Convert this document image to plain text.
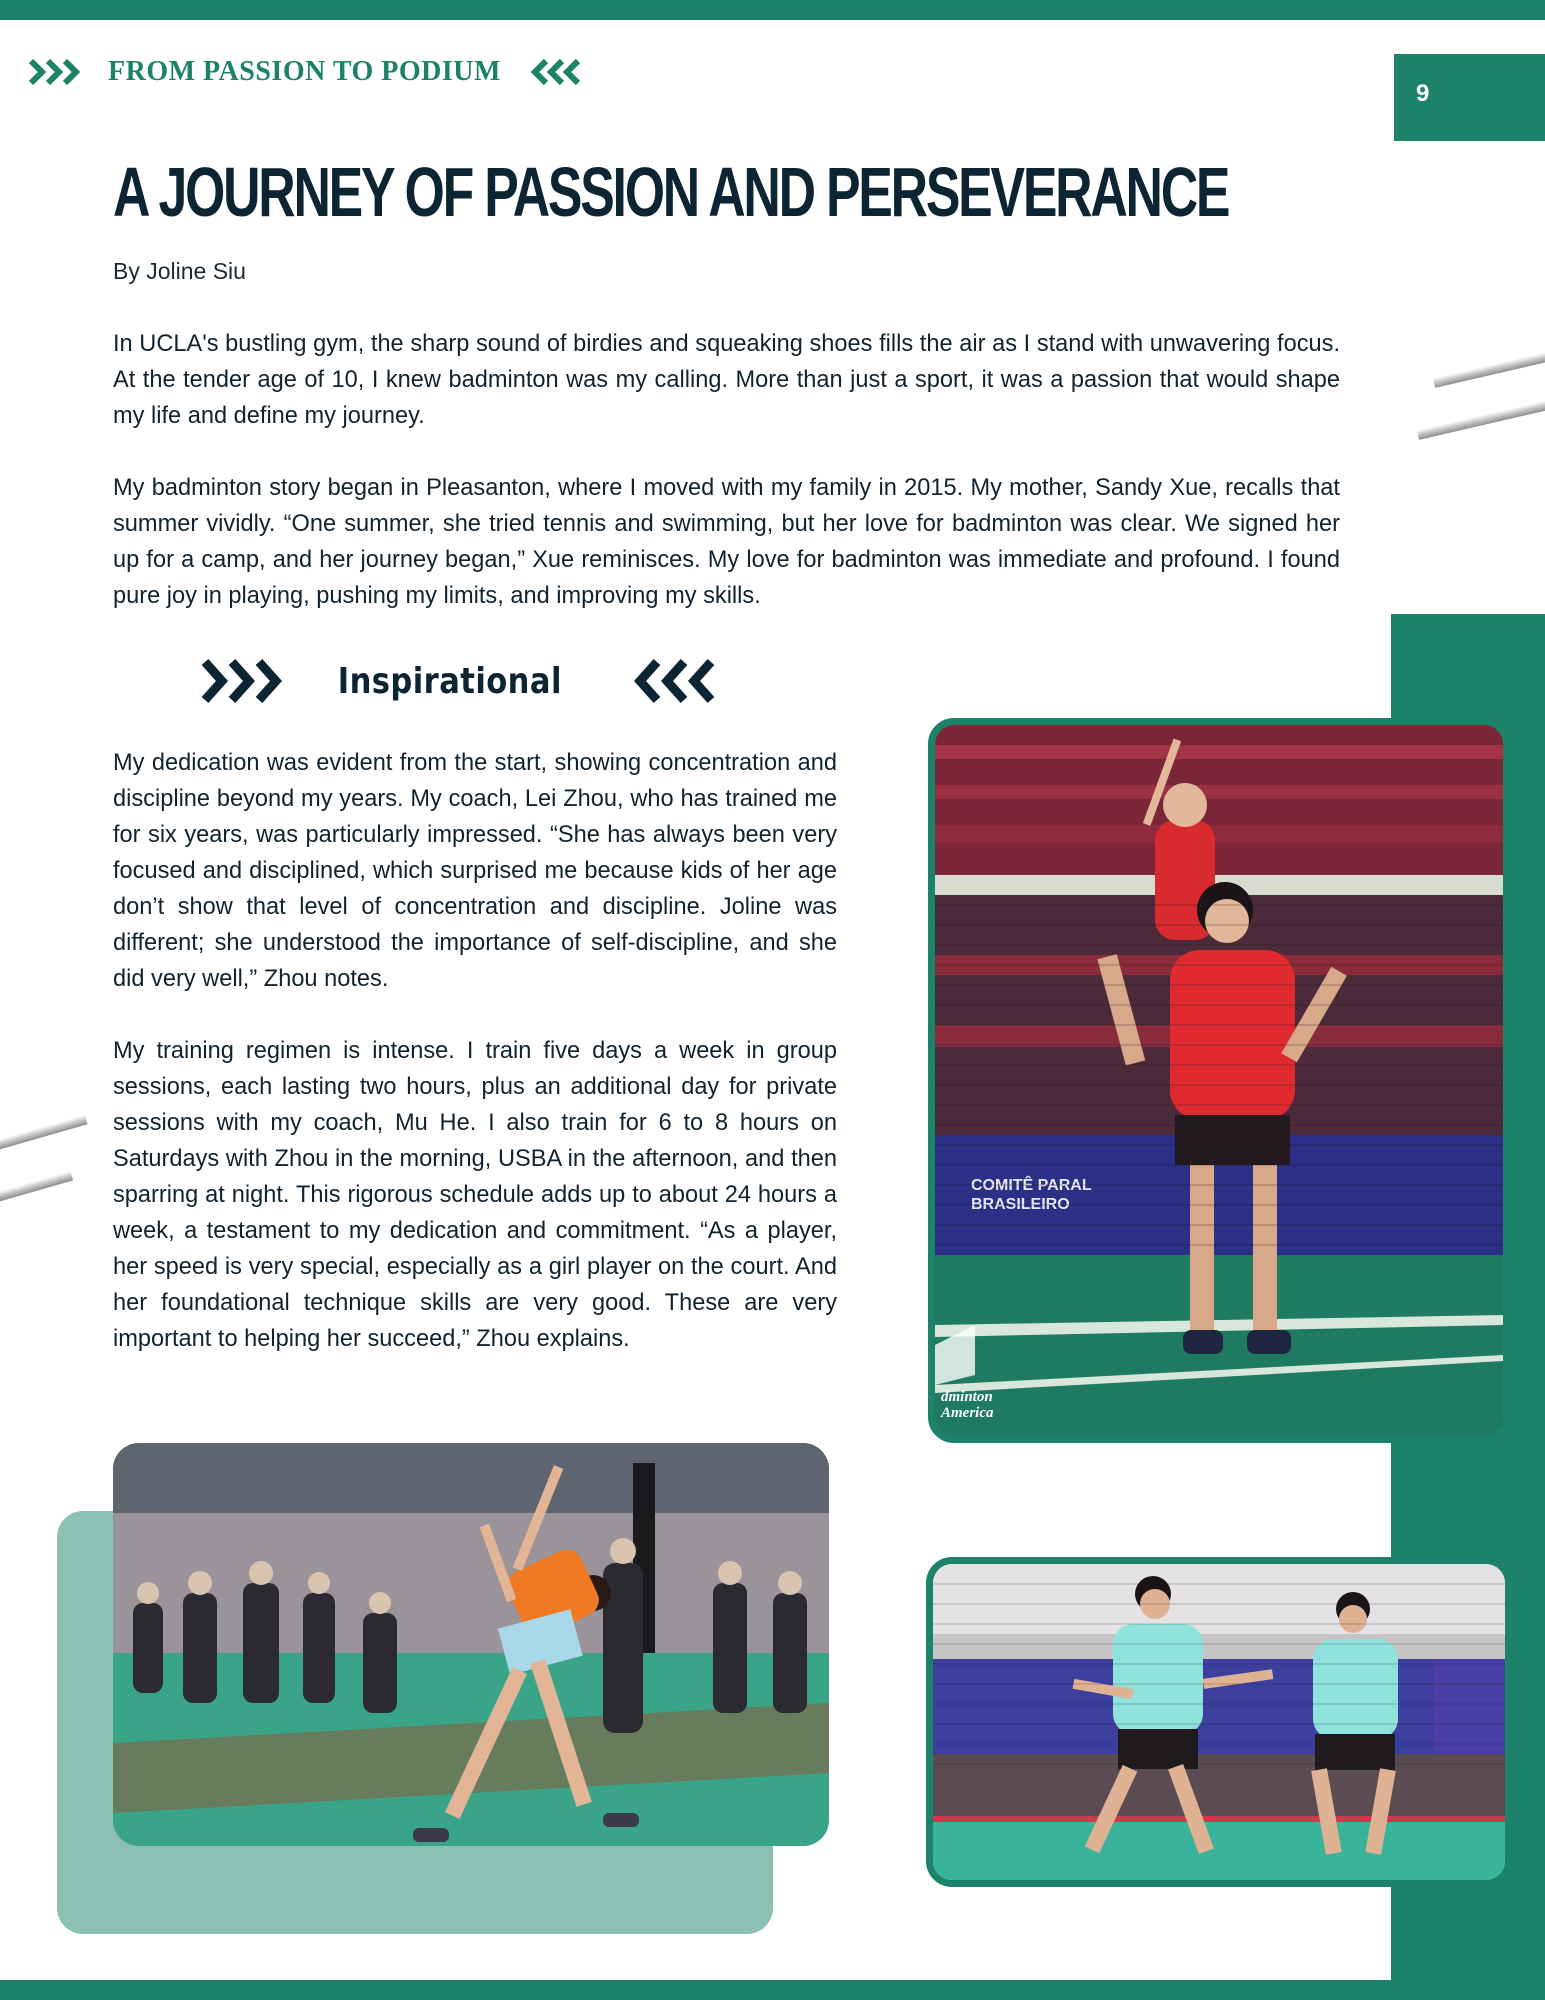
9
FROM PASSION TO PODIUM
A JOURNEY OF PASSION AND PERSEVERANCE
By Joline Siu

In UCLA's bustling gym, the sharp sound of birdies and squeaking shoes fills the air as I stand with unwavering focus. At the tender age of 10, I knew badminton was my calling. More than just a sport, it was a passion that would shape my life and define my journey.

My badminton story began in Pleasanton, where I moved with my family in 2015. My mother, Sandy Xue, recalls that summer vividly. “One summer, she tried tennis and swimming, but her love for badminton was clear. We signed her up for a camp, and her journey began,” Xue reminisces. My love for badminton was immediate and profound. I found pure joy in playing, pushing my limits, and improving my skills.

Inspirational

My dedication was evident from the start, showing concentration and discipline beyond my years. My coach, Lei Zhou, who has trained me for six years, was particularly impressed. “She has always been very focused and disciplined, which surprised me because kids of her age don’t show that level of concentration and discipline. Joline was different; she understood the importance of self-discipline, and she did very well,” Zhou notes.

My training regimen is intense. I train five days a week in group sessions, each lasting two hours, plus an additional day for private sessions with my coach, Mu He. I also train for 6 to 8 hours on Saturdays with Zhou in the morning, USBA in the afternoon, and then sparring at night. This rigorous schedule adds up to about 24 hours a week, a testament to my dedication and commitment. “As a player, her speed is very special, especially as a girl player on the court. And her foundational technique skills are very good. These are very important to helping her succeed,” Zhou explains.

COMITÊ PARAL
BRASILEIRO
dminton
America
